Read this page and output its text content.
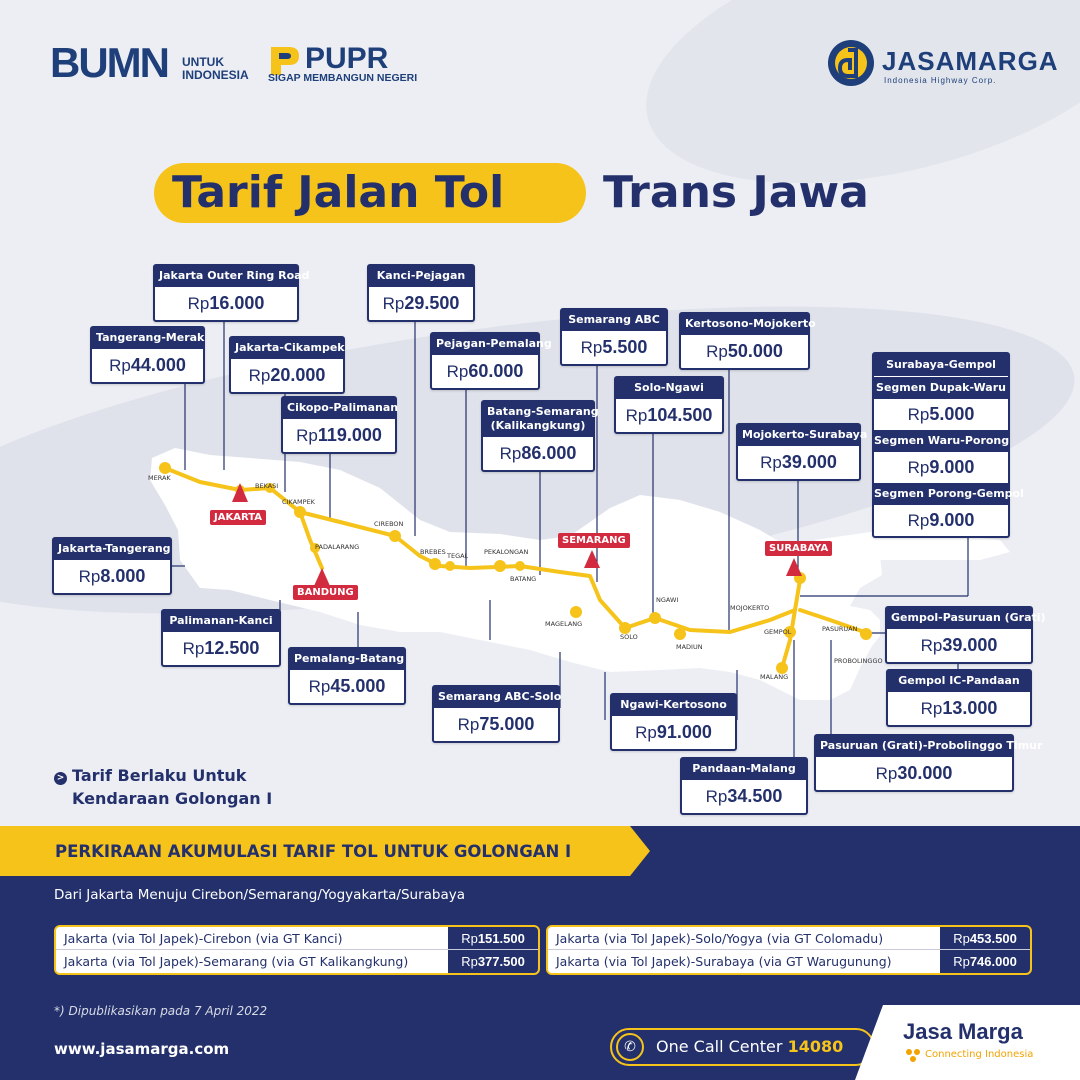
BUMN UNTUK
INDONESIA PUPR
SIGAP MEMBANGUN NEGERI
JASAMARGA
Indonesia Highway Corp.
Tarif Jalan Tol Trans Jawa
JAKARTA
BANDUNG
SEMARANG
SURABAYA
MERAK
BEKASI
CIKAMPEK
PADALARANG
CIREBON
BREBES TEGAL PEKALONGAN
BATANG
MAGELANG
SOLO
NGAWI
MADIUN
MOJOKERTO
GEMPOL	PASURUAN
PROBOLINGGO
MALANG
Jakarta Outer Ring Road
Rp16.000
Tangerang-Merak
Rp44.000
Jakarta-Cikampek
Rp20.000
Cikopo-Palimanan
Rp119.000
Kanci-Pejagan
Rp29.500
Pejagan-Pemalang
Rp60.000
Batang-Semarang
(Kalikangkung)
Rp86.000
Semarang ABC
Rp5.500
Solo-Ngawi
Rp104.500
Kertosono-Mojokerto
Rp50.000
Mojokerto-Surabaya
Rp39.000
Surabaya-Gempol
Segmen Dupak-Waru
Rp5.000
Segmen Waru-Porong
Rp9.000
Segmen Porong-Gempol
Rp9.000
Jakarta-Tangerang
Rp8.000
Palimanan-Kanci
Rp12.500
Pemalang-Batang
Rp45.000
Semarang ABC-Solo
Rp75.000
Ngawi-Kertosono
Rp91.000
Pandaan-Malang
Rp34.500
Gempol-Pasuruan (Grati)
Rp39.000
Gempol IC-Pandaan
Rp13.000
Pasuruan (Grati)-Probolinggo Timur
Rp30.000
> Tarif Berlaku Untuk
Kendaraan Golongan I
PERKIRAAN AKUMULASI TARIF TOL UNTUK GOLONGAN I
Dari Jakarta Menuju Cirebon/Semarang/Yogyakarta/Surabaya
Jakarta (via Tol Japek)-Cirebon (via GT Kanci)	Rp151.500
Jakarta (via Tol Japek)-Semarang (via GT Kalikangkung)	Rp377.500
Jakarta (via Tol Japek)-Solo/Yogya (via GT Colomadu)	Rp453.500
Jakarta (via Tol Japek)-Surabaya (via GT Warugunung)	Rp746.000
*) Dipublikasikan pada 7 April 2022
www.jasamarga.com	✆	One Call Center 14080
Jasa Marga
Connecting Indonesia
